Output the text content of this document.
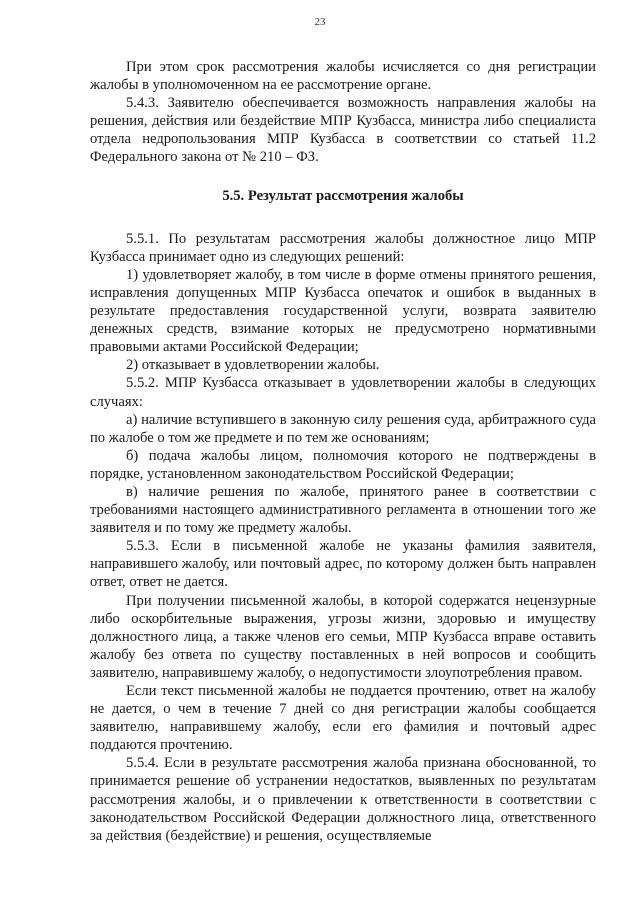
23

При этом срок рассмотрения жалобы исчисляется со дня регистрации жалобы в уполномоченном на ее рассмотрение органе.

5.4.3. Заявителю обеспечивается возможность направления жалобы на решения, действия или бездействие МПР Кузбасса, министра либо специалиста отдела недропользования МПР Кузбасса в соответствии со статьей 11.2 Федерального закона от № 210 – ФЗ.

5.5. Результат рассмотрения жалобы

5.5.1. По результатам рассмотрения жалобы должностное лицо МПР Кузбасса принимает одно из следующих решений:

1) удовлетворяет жалобу, в том числе в форме отмены принятого решения, исправления допущенных МПР Кузбасса опечаток и ошибок в выданных в результате предоставления государственной услуги, возврата заявителю денежных средств, взимание которых не предусмотрено нормативными правовыми актами Российской Федерации;

2) отказывает в удовлетворении жалобы.

5.5.2. МПР Кузбасса отказывает в удовлетворении жалобы в следующих случаях:

а) наличие вступившего в законную силу решения суда, арбитражного суда по жалобе о том же предмете и по тем же основаниям;

б) подача жалобы лицом, полномочия которого не подтверждены в порядке, установленном законодательством Российской Федерации;

в) наличие решения по жалобе, принятого ранее в соответствии с требованиями настоящего административного регламента в отношении того же заявителя и по тому же предмету жалобы.

5.5.3. Если в письменной жалобе не указаны фамилия заявителя, направившего жалобу, или почтовый адрес, по которому должен быть направлен ответ, ответ не дается.

При получении письменной жалобы, в которой содержатся нецензурные либо оскорбительные выражения, угрозы жизни, здоровью и имуществу должностного лица, а также членов его семьи, МПР Кузбасса вправе оставить жалобу без ответа по существу поставленных в ней вопросов и сообщить заявителю, направившему жалобу, о недопустимости злоупотребления правом.

Если текст письменной жалобы не поддается прочтению, ответ на жалобу не дается, о чем в течение 7 дней со дня регистрации жалобы сообщается заявителю, направившему жалобу, если его фамилия и почтовый адрес поддаются прочтению.

5.5.4. Если в результате рассмотрения жалоба признана обоснованной, то принимается решение об устранении недостатков, выявленных по результатам рассмотрения жалобы, и о привлечении к ответственности в соответствии с законодательством Российской Федерации должностного лица, ответственного за действия (бездействие) и решения, осуществляемые
